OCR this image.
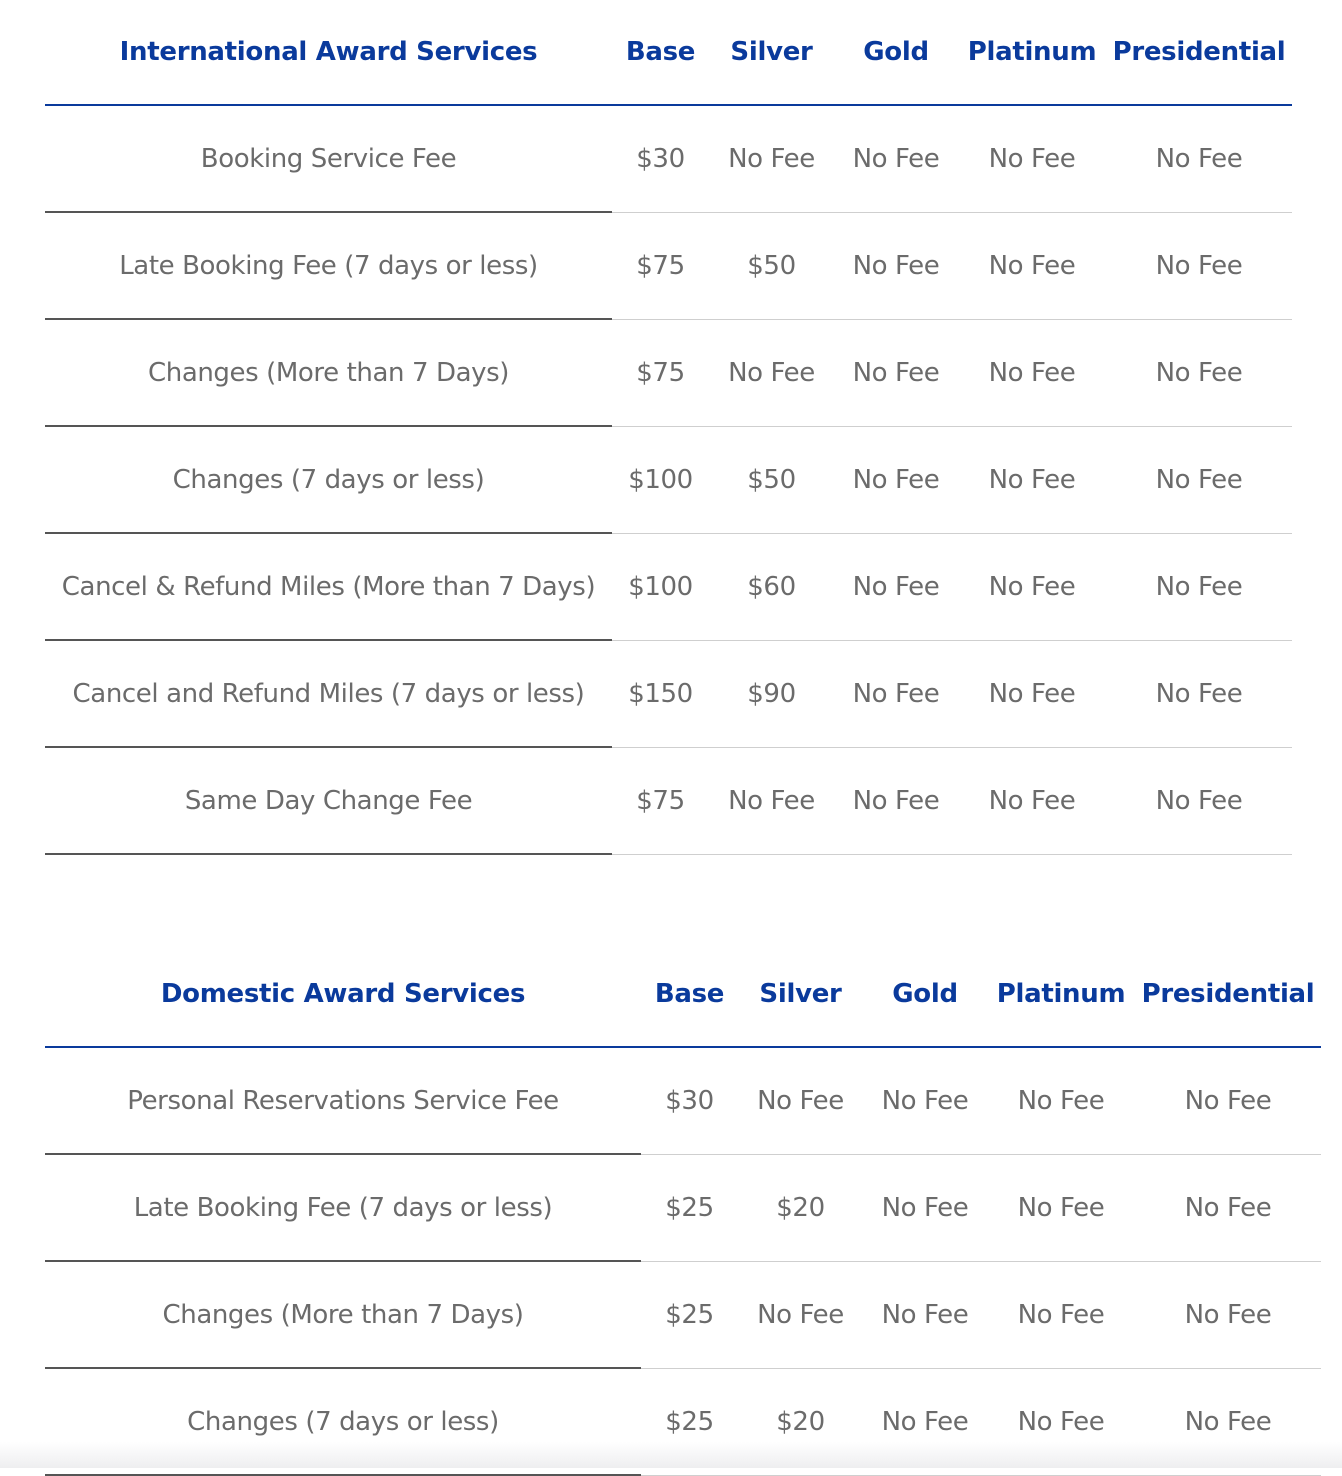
International Award Services	Base	Silver	Gold	Platinum	Presidential
Booking Service Fee	$30	No Fee	No Fee	No Fee	No Fee
Late Booking Fee (7 days or less)	$75	$50	No Fee	No Fee	No Fee
Changes (More than 7 Days)	$75	No Fee	No Fee	No Fee	No Fee
Changes (7 days or less)	$100	$50	No Fee	No Fee	No Fee
Cancel & Refund Miles (More than 7 Days)	$100	$60	No Fee	No Fee	No Fee
Cancel and Refund Miles (7 days or less)	$150	$90	No Fee	No Fee	No Fee
Same Day Change Fee	$75	No Fee	No Fee	No Fee	No Fee
Domestic Award Services	Base	Silver	Gold	Platinum	Presidential
Personal Reservations Service Fee	$30	No Fee	No Fee	No Fee	No Fee
Late Booking Fee (7 days or less)	$25	$20	No Fee	No Fee	No Fee
Changes (More than 7 Days)	$25	No Fee	No Fee	No Fee	No Fee
Changes (7 days or less)	$25	$20	No Fee	No Fee	No Fee
